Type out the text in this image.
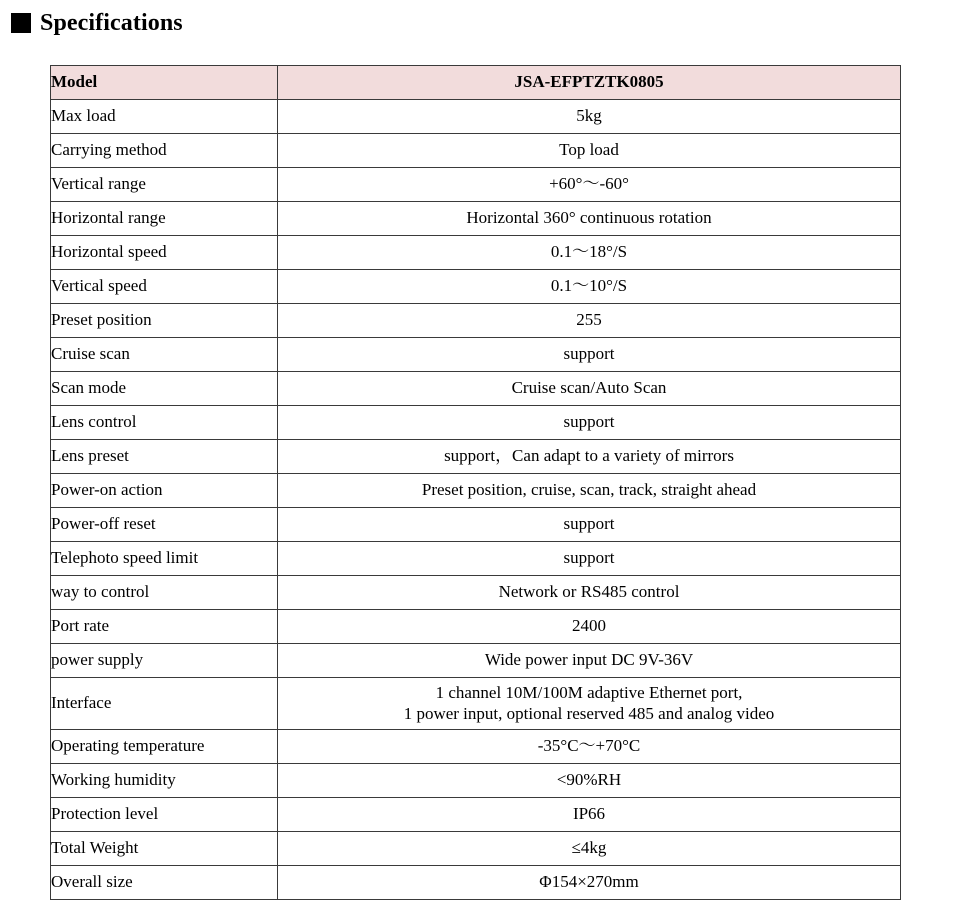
Specifications
Model	JSA-EFPTZTK0805
Max load	5kg
Carrying method	Top load
Vertical range	+60°〜-60°
Horizontal range	Horizontal 360° continuous rotation
Horizontal speed	0.1〜18°/S
Vertical speed	0.1〜10°/S
Preset position	255
Cruise scan	support
Scan mode	Cruise scan/Auto Scan
Lens control	support
Lens preset	support，Can adapt to a variety of mirrors
Power-on action	Preset position, cruise, scan, track, straight ahead
Power-off reset	support
Telephoto speed limit	support
way to control	Network or RS485 control
Port rate	2400
power supply	Wide power input DC 9V-36V
Interface	1 channel 10M/100M adaptive Ethernet port,
1 power input, optional reserved 485 and analog video

Operating temperature	-35°C〜+70°C
Working humidity	<90%RH
Protection level	IP66
Total Weight	≤4kg
Overall size	Φ154×270mm
